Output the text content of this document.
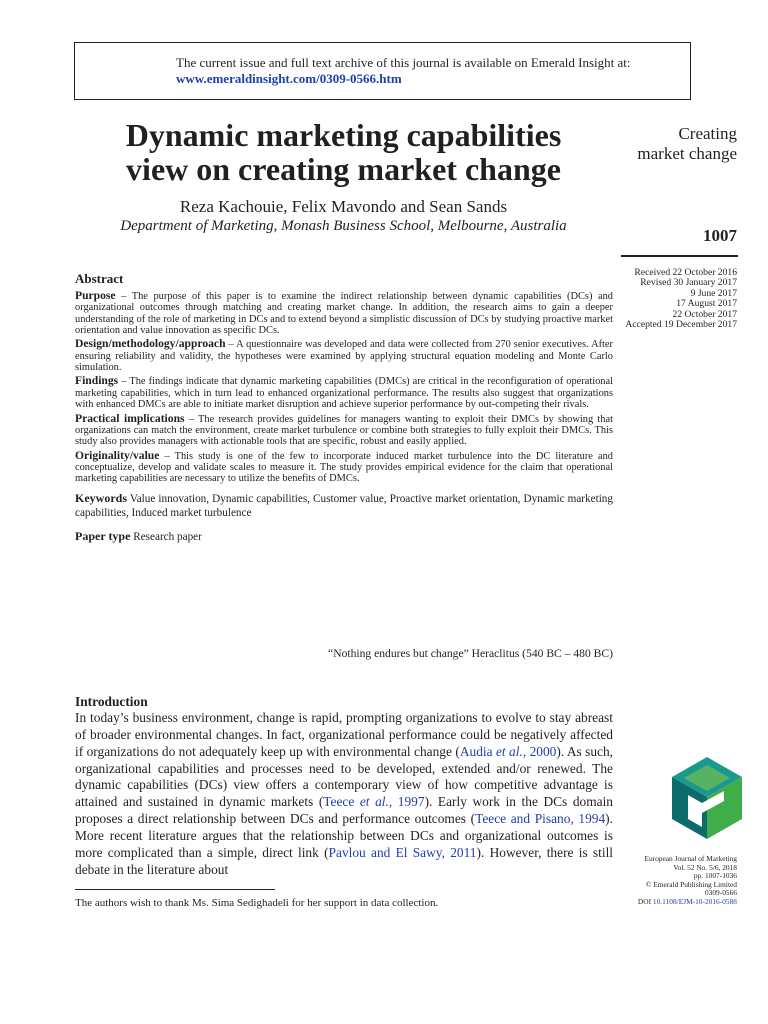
The current issue and full text archive of this journal is available on Emerald Insight at:
www.emeraldinsight.com/0309-0566.htm
Dynamic marketing capabilities
view on creating market change
Reza Kachouie, Felix Mavondo and Sean Sands
Department of Marketing, Monash Business School, Melbourne, Australia
Creating
market change
1007
Received 22 October 2016
Revised 30 January 2017
9 June 2017
17 August 2017
22 October 2017
Accepted 19 December 2017

Abstract

Purpose – The purpose of this paper is to examine the indirect relationship between dynamic capabilities (DCs) and organizational outcomes through matching and creating market change. In addition, the research aims to gain a deeper understanding of the role of marketing in DCs and to extend beyond a simplistic discussion of DCs by studying proactive market orientation and value innovation as specific DCs.

Design/methodology/approach – A questionnaire was developed and data were collected from 270 senior executives. After ensuring reliability and validity, the hypotheses were examined by applying structural equation modeling and Monte Carlo simulation.

Findings – The findings indicate that dynamic marketing capabilities (DMCs) are critical in the reconfiguration of operational marketing capabilities, which in turn lead to enhanced organizational performance. The results also suggest that organizations with enhanced DMCs are able to initiate market disruption and achieve superior performance by out-competing their rivals.

Practical implications – The research provides guidelines for managers wanting to exploit their DMCs by showing that organizations can match the environment, create market turbulence or combine both strategies to fully exploit their DMCs. This study also provides managers with actionable tools that are specific, robust and easily applied.

Originality/value – This study is one of the few to incorporate induced market turbulence into the DC literature and conceptualize, develop and validate scales to measure it. The study provides empirical evidence for the claim that operational marketing capabilities are necessary to utilize the benefits of DMCs.

Keywords Value innovation, Dynamic capabilities, Customer value, Proactive market orientation, Dynamic marketing capabilities, Induced market turbulence

Paper type Research paper

“Nothing endures but change” Heraclitus (540 BC – 480 BC)
Introduction
In today’s business environment, change is rapid, prompting organizations to evolve to stay abreast of broader environmental changes. In fact, organizational performance could be negatively affected if organizations do not adequately keep up with environmental change (Audia et al., 2000). As such, organizational capabilities and processes need to be developed, extended and/or renewed. The dynamic capabilities (DCs) view offers a contemporary view of how competitive advantage is attained and sustained in dynamic markets (Teece et al., 1997). Early work in the DCs domain proposes a direct relationship between DCs and performance outcomes (Teece and Pisano, 1994). More recent literature argues that the relationship between DCs and organizational outcomes is more complicated than a simple, direct link (Pavlou and El Sawy, 2011). However, there is still debate in the literature about
The authors wish to thank Ms. Sima Sedighadeli for her support in data collection.
European Journal of Marketing
Vol. 52 No. 5/6, 2018
pp. 1007-1036
© Emerald Publishing Limited
0309-0566
DOI 10.1108/EJM-10-2016-0588
